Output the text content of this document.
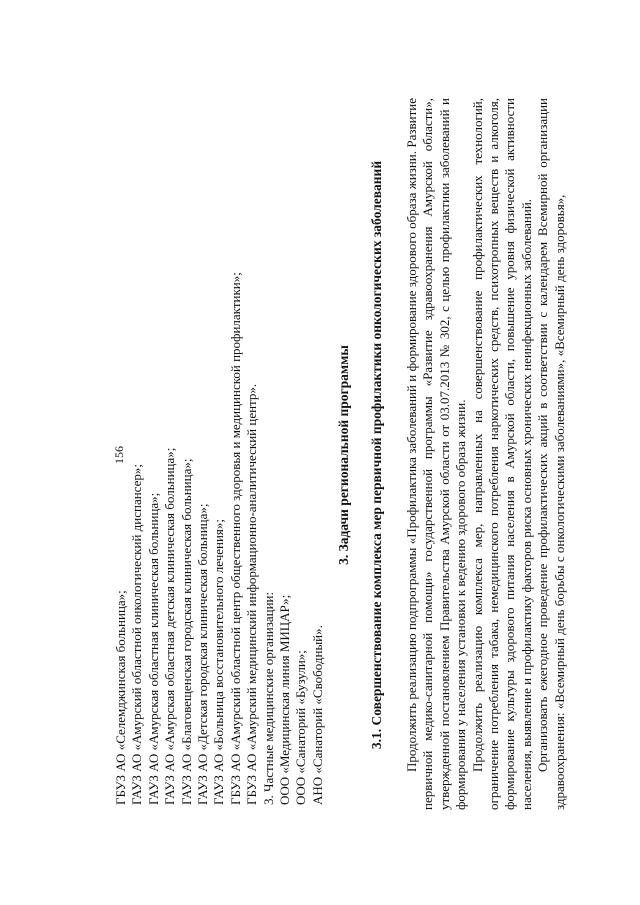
156
ГБУЗ АО «Селемджинская больница»; ГАУЗ АО «Амурский областной онкологический диспансер»; ГАУЗ АО «Амурская областная клиническая больница»; ГАУЗ АО «Амурская областная детская клиническая больница»; ГАУЗ АО «Благовещенская городская клиническая больница»; ГАУЗ АО «Детская городская клиническая больница»; ГАУЗ АО «Больница восстановительного лечения»; ГБУЗ АО «Амурский областной центр общественного здоровья и медицинской профилактики»; ГБУЗ АО «Амурский медицинский информационно-аналитический центр». 3. Частные медицинские организации: ООО «Медицинская линия МИЦАР»; ООО «Санаторий «Бузули»; АНО «Санаторий «Свободный».
3. Задачи региональной программы 3.1. Совершенствование комплекса мер первичной профилактики онкологических заболеваний Продолжить реализацию подпрограммы «Профилактика заболеваний и формирование здорового образа жизни. Развитие первичной медико-санитарной помощи» государственной программы «Развитие здравоохранения Амурской области», утвержденной постановлением Правительства Амурской области от 03.07.2013 № 302, с целью профилактики заболеваний и формирования у населения установки к ведению здорового образа жизни. Продолжить реализацию комплекса мер, направленных на совершенствование профилактических технологий, ограничение потребления табака, немедицинского потребления наркотических средств, психотропных веществ и алкоголя, формирование культуры здорового питания населения в Амурской области, повышение уровня физической активности населения, выявление и профилактику факторов риска основных хронических неинфекционных заболеваний. Организовать ежегодное проведение профилактических акций в соответствии с календарем Всемирной организации здравоохранения: «Всемирный день борьбы с онкологическими заболеваниями», «Всемирный день здоровья»,
